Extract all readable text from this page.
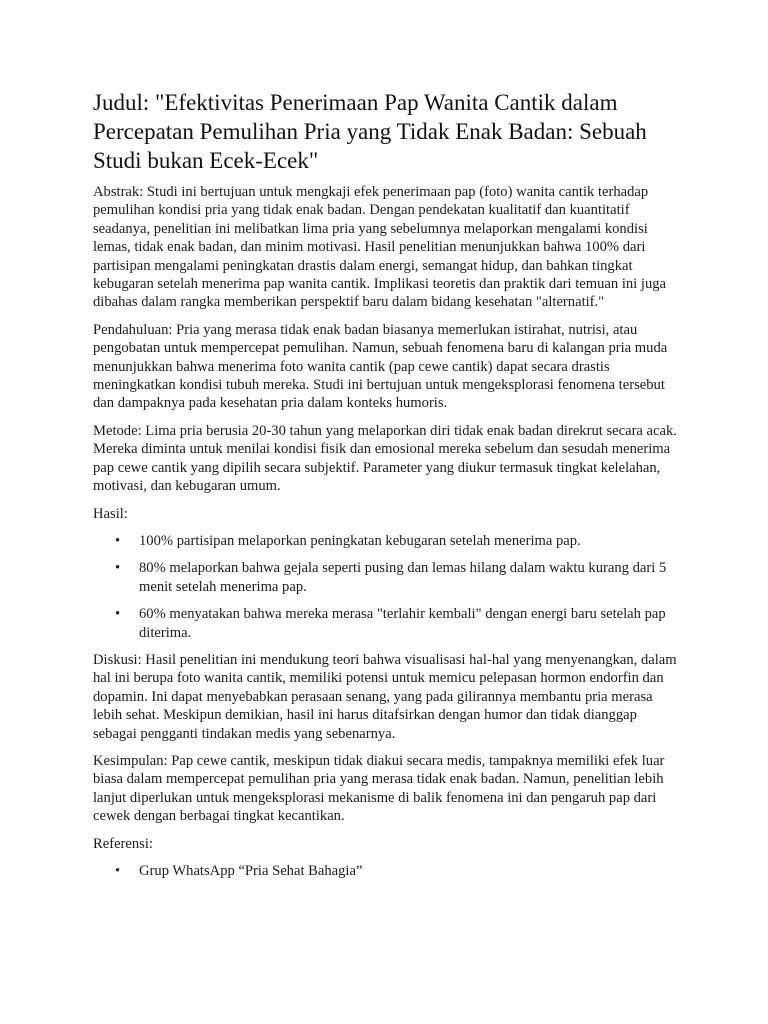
Judul: "Efektivitas Penerimaan Pap Wanita Cantik dalam Percepatan Pemulihan Pria yang Tidak Enak Badan: Sebuah Studi bukan Ecek-Ecek"

Abstrak: Studi ini bertujuan untuk mengkaji efek penerimaan pap (foto) wanita cantik terhadap pemulihan kondisi pria yang tidak enak badan. Dengan pendekatan kualitatif dan kuantitatif seadanya, penelitian ini melibatkan lima pria yang sebelumnya melaporkan mengalami kondisi lemas, tidak enak badan, dan minim motivasi. Hasil penelitian menunjukkan bahwa 100% dari partisipan mengalami peningkatan drastis dalam energi, semangat hidup, dan bahkan tingkat kebugaran setelah menerima pap wanita cantik. Implikasi teoretis dan praktik dari temuan ini juga dibahas dalam rangka memberikan perspektif baru dalam bidang kesehatan "alternatif."

Pendahuluan: Pria yang merasa tidak enak badan biasanya memerlukan istirahat, nutrisi, atau pengobatan untuk mempercepat pemulihan. Namun, sebuah fenomena baru di kalangan pria muda menunjukkan bahwa menerima foto wanita cantik (pap cewe cantik) dapat secara drastis meningkatkan kondisi tubuh mereka. Studi ini bertujuan untuk mengeksplorasi fenomena tersebut dan dampaknya pada kesehatan pria dalam konteks humoris.

Metode: Lima pria berusia 20-30 tahun yang melaporkan diri tidak enak badan direkrut secara acak. Mereka diminta untuk menilai kondisi fisik dan emosional mereka sebelum dan sesudah menerima pap cewe cantik yang dipilih secara subjektif. Parameter yang diukur termasuk tingkat kelelahan, motivasi, dan kebugaran umum.

Hasil:

• 100% partisipan melaporkan peningkatan kebugaran setelah menerima pap.
• 80% melaporkan bahwa gejala seperti pusing dan lemas hilang dalam waktu kurang dari 5 menit setelah menerima pap.
• 60% menyatakan bahwa mereka merasa "terlahir kembali" dengan energi baru setelah pap diterima.

Diskusi: Hasil penelitian ini mendukung teori bahwa visualisasi hal-hal yang menyenangkan, dalam hal ini berupa foto wanita cantik, memiliki potensi untuk memicu pelepasan hormon endorfin dan dopamin. Ini dapat menyebabkan perasaan senang, yang pada gilirannya membantu pria merasa lebih sehat. Meskipun demikian, hasil ini harus ditafsirkan dengan humor dan tidak dianggap sebagai pengganti tindakan medis yang sebenarnya.

Kesimpulan: Pap cewe cantik, meskipun tidak diakui secara medis, tampaknya memiliki efek luar biasa dalam mempercepat pemulihan pria yang merasa tidak enak badan. Namun, penelitian lebih lanjut diperlukan untuk mengeksplorasi mekanisme di balik fenomena ini dan pengaruh pap dari cewek dengan berbagai tingkat kecantikan.

Referensi:

• Grup WhatsApp “Pria Sehat Bahagia”
